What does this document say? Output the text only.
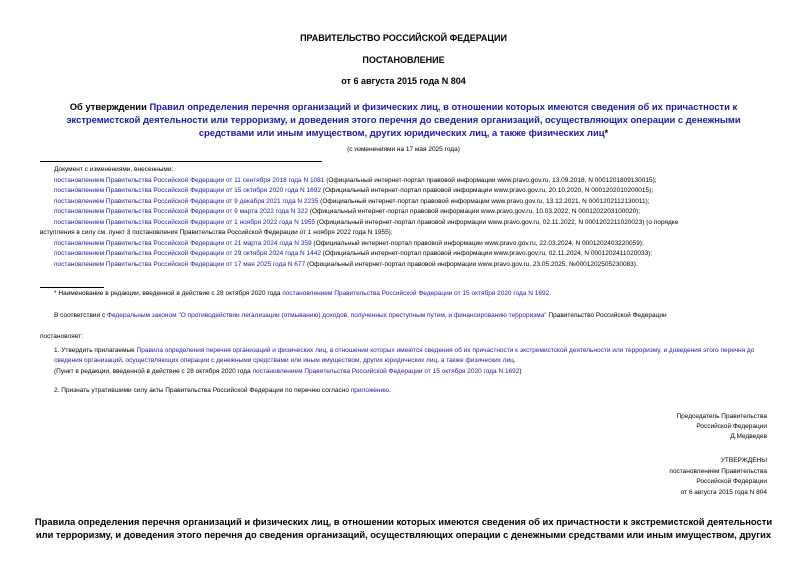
ПРАВИТЕЛЬСТВО РОССИЙСКОЙ ФЕДЕРАЦИИ
ПОСТАНОВЛЕНИЕ
от 6 августа 2015 года N 804
Об утверждении Правил определения перечня организаций и физических лиц, в отношении которых имеются сведения об их причастности к экстремистской деятельности или терроризму, и доведения этого перечня до сведения организаций, осуществляющих операции с денежными средствами или иным имуществом, других юридических лиц, а также физических лиц*
(с изменениями на 17 мая 2025 года)
Документ с изменениями, внесенными:
постановлением Правительства Российской Федерации от 11 сентября 2018 года N 1081 (Официальный интернет-портал правовой информации www.pravo.gov.ru, 13.09.2018, N 0001201809130015);
постановлением Правительства Российской Федерации от 15 октября 2020 года N 1692 (Официальный интернет-портал правовой информации www.pravo.gov.ru, 20.10.2020, N 0001202010200015);
постановлением Правительства Российской Федерации от 9 декабря 2021 года N 2235 (Официальный интернет-портал правовой информации www.pravo.gov.ru, 13.12.2021, N 0001202112130011);
постановлением Правительства Российской Федерации от 9 марта 2022 года N 322 (Официальный интернет-портал правовой информации www.pravo.gov.ru, 10.03.2022, N 0001202203100020);
постановлением Правительства Российской Федерации от 1 ноября 2022 года N 1955 (Официальный интернет-портал правовой информации www.pravo.gov.ru, 02.11.2022, N 0001202211020023) (о порядке
вступления в силу см. пункт 3 постановления Правительства Российской Федерации от 1 ноября 2022 года N 1955);
постановлением Правительства Российской Федерации от 21 марта 2024 года N 359 (Официальный интернет-портал правовой информации www.pravo.gov.ru, 22.03.2024, N 0001202403220059);
постановлением Правительства Российской Федерации от 29 октября 2024 года N 1442 (Официальный интернет-портал правовой информации www.pravo.gov.ru, 02.11.2024, N 0001202411020033);
постановлением Правительства Российской Федерации от 17 мая 2025 года N 677 (Официальный интернет-портал правовой информации www.pravo.gov.ru, 23.05.2025, №0001202505230083).
* Наименование в редакции, введенной в действие с 28 октября 2020 года постановлением Правительства Российской Федерации от 15 октября 2020 года N 1692.
В соответствии с Федеральным законом "О противодействии легализации (отмыванию) доходов, полученных преступным путем, и финансированию терроризма" Правительство Российской Федерации
постановляет:
1. Утвердить прилагаемые Правила определения перечня организаций и физических лиц, в отношении которых имеются сведения об их причастности к экстремистской деятельности или терроризму, и доведения этого перечня до сведения организаций, осуществляющих операции с денежными средствами или иным имуществом, других юридических лиц, а также физических лиц.
(Пункт в редакции, введенной в действие с 28 октября 2020 года постановлением Правительства Российской Федерации от 15 октября 2020 года N 1692)
2. Признать утратившими силу акты Правительства Российской Федерации по перечню согласно приложению.
Председатель Правительства
Российской Федерации
Д.Медведев
УТВЕРЖДЕНЫ
постановлением Правительства
Российской Федерации
от 6 августа 2015 года N 804
Правила определения перечня организаций и физических лиц, в отношении которых имеются сведения об их причастности к экстремистской деятельности или терроризму, и доведения этого перечня до сведения организаций, осуществляющих операции с денежными средствами или иным имуществом, других
